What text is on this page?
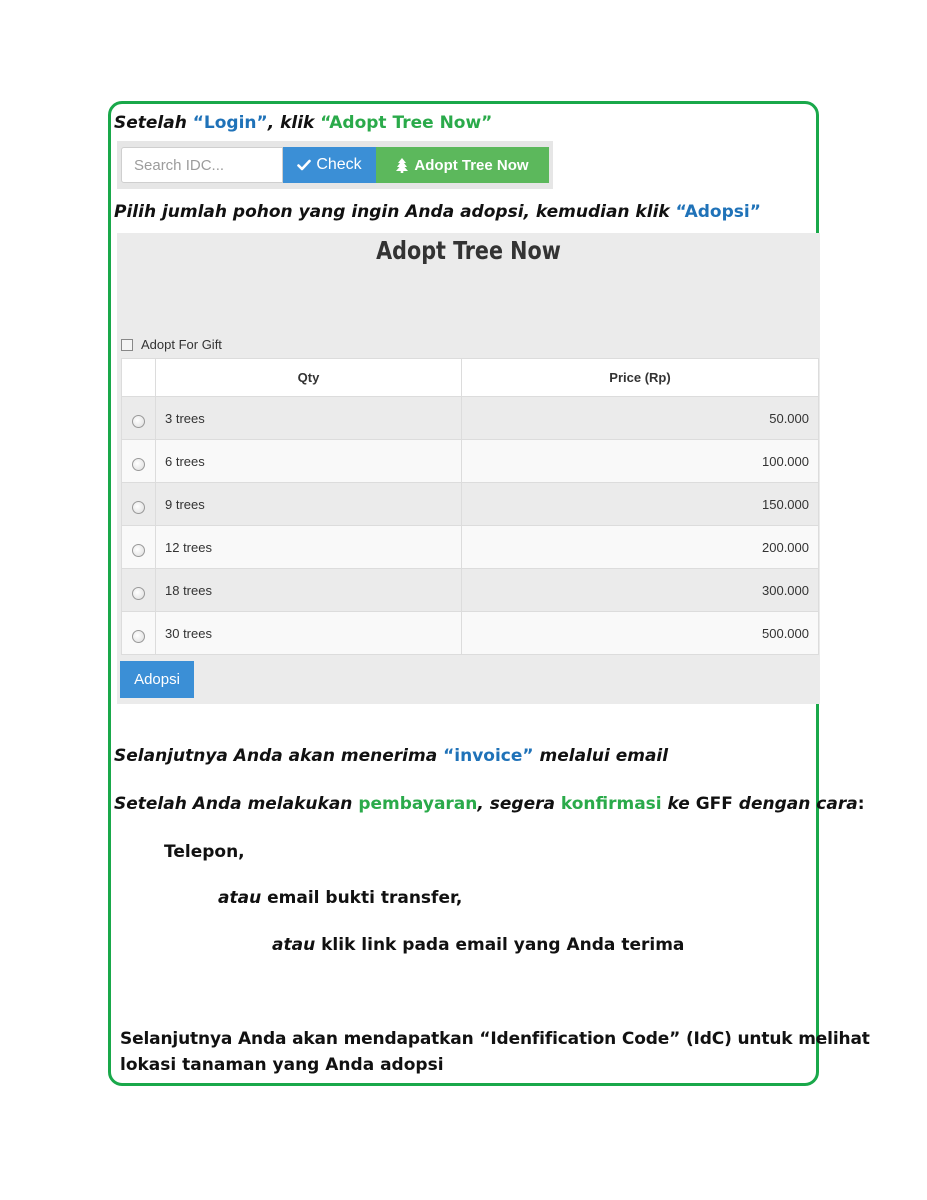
Setelah “Login”, klik “Adopt Tree Now”
Search IDC...
Check	Adopt Tree Now
Pilih jumlah pohon yang ingin Anda adopsi, kemudian klik “Adopsi”
Adopt Tree Now
Adopt For Gift
	Qty	Price (Rp)
	3 trees	50.000
	6 trees	100.000
	9 trees	150.000
	12 trees	200.000
	18 trees	300.000
	30 trees	500.000
Adopsi
Selanjutnya Anda akan menerima “invoice” melalui email
Setelah Anda melakukan pembayaran, segera konfirmasi ke GFF dengan cara:
Telepon,
atau email bukti transfer,
atau klik link pada email yang Anda terima
Selanjutnya Anda akan mendapatkan “Idenfification Code” (IdC) untuk melihat
lokasi tanaman yang Anda adopsi
